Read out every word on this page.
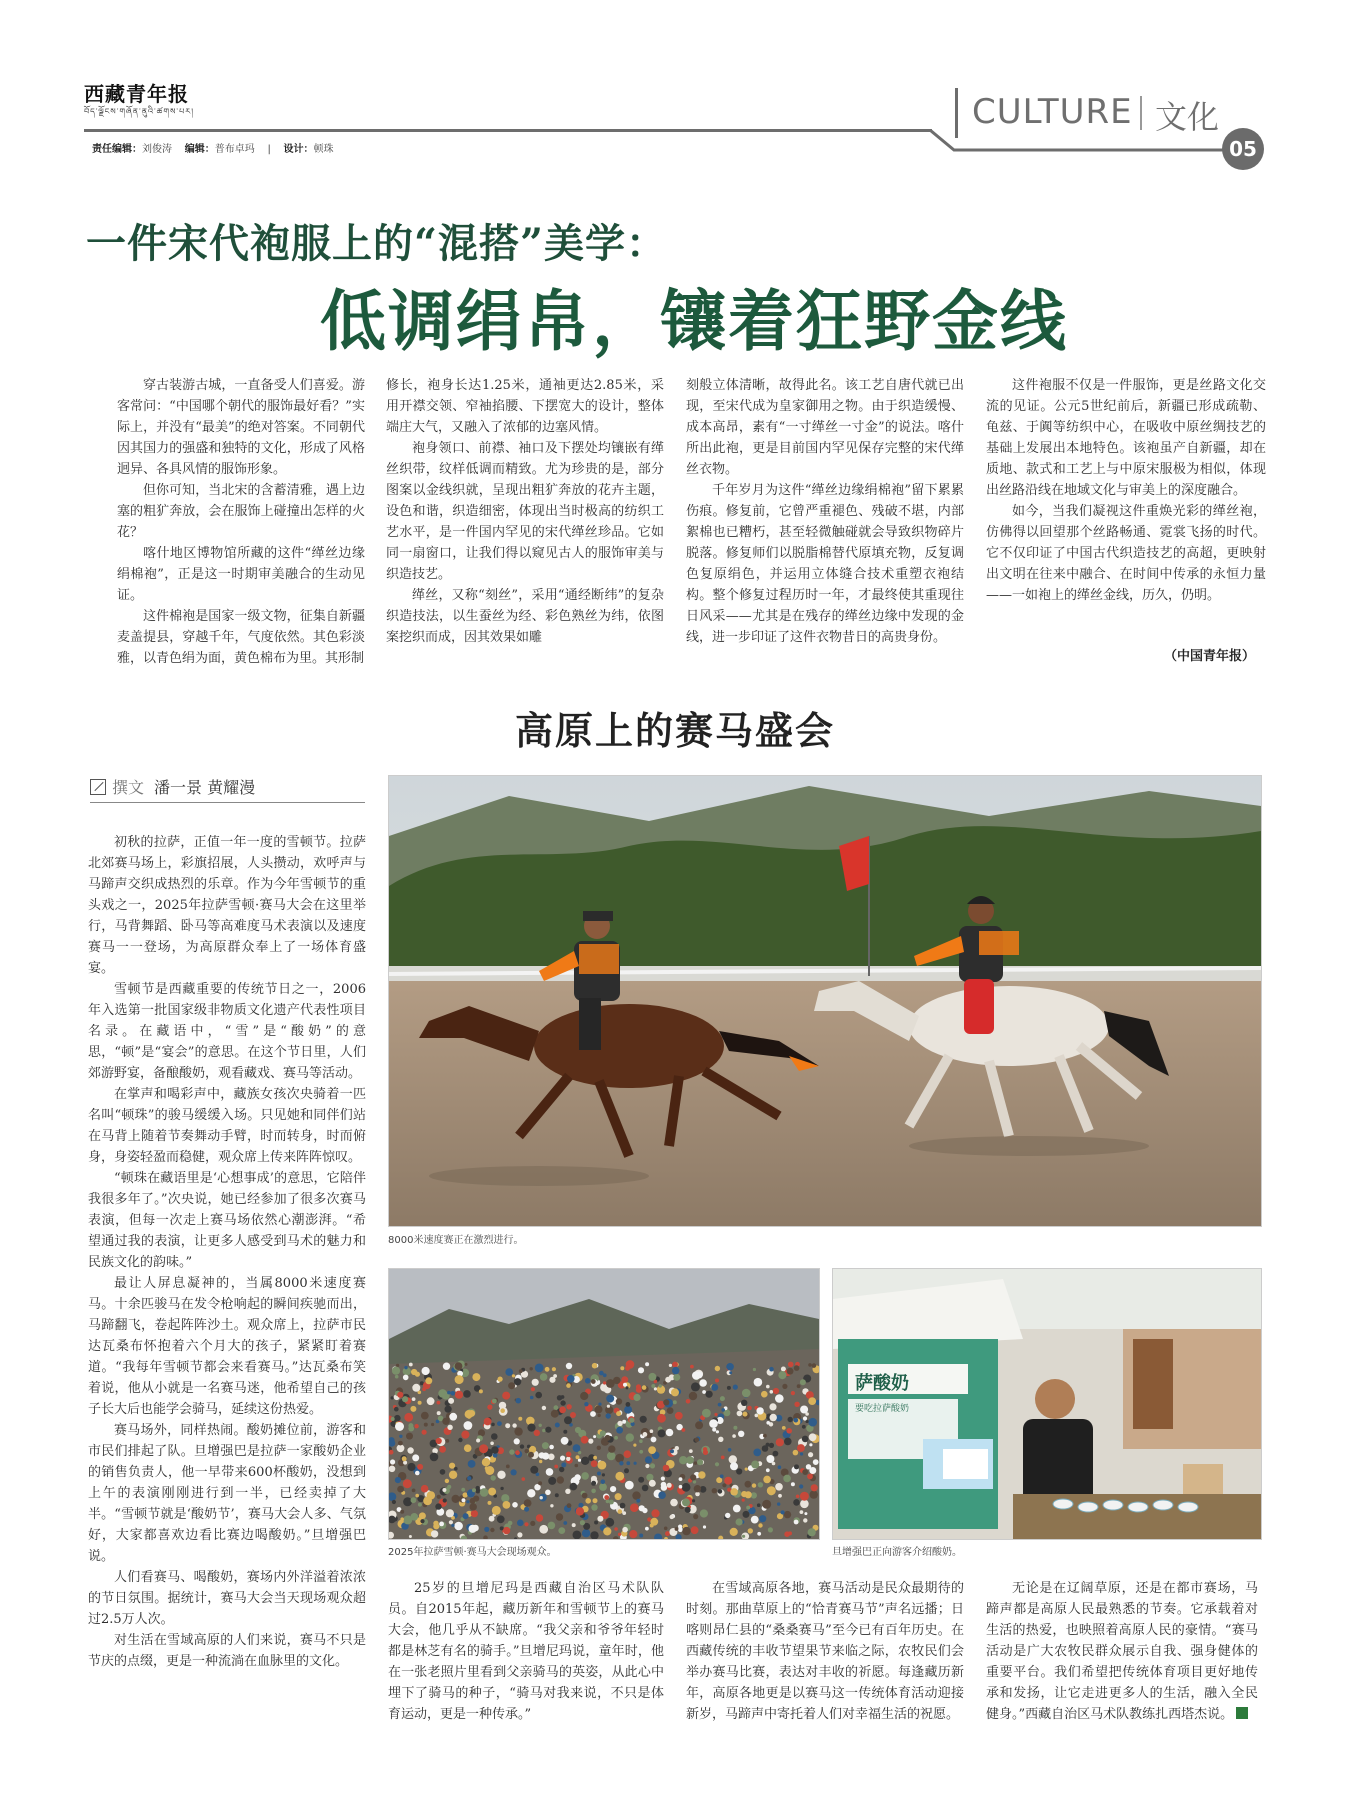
西藏青年报
བོད་ལྗོངས་གཞོན་ནུའི་ཚགས་པར།
责任编辑：刘俊涛 编辑：普布卓玛 | 设计：顿珠
CULTURE 文化
05
一件宋代袍服上的“混搭”美学：
低调绢帛，镶着狂野金线

穿古装游古城，一直备受人们喜爱。游客常问：“中国哪个朝代的服饰最好看？”实际上，并没有“最美”的绝对答案。不同朝代因其国力的强盛和独特的文化，形成了风格迥异、各具风情的服饰形象。

但你可知，当北宋的含蓄清雅，遇上边塞的粗犷奔放，会在服饰上碰撞出怎样的火花？

喀什地区博物馆所藏的这件“缂丝边缘绢棉袍”，正是这一时期审美融合的生动见证。

这件棉袍是国家一级文物，征集自新疆麦盖提县，穿越千年，气度依然。其色彩淡雅，以青色绢为面，黄色棉布为里。其形制

修长，袍身长达1.25米，通袖更达2.85米，采用开襟交领、窄袖掐腰、下摆宽大的设计，整体端庄大气，又融入了浓郁的边塞风情。

袍身领口、前襟、袖口及下摆处均镶嵌有缂丝织带，纹样低调而精致。尤为珍贵的是，部分图案以金线织就，呈现出粗犷奔放的花卉主题，设色和谐，织造细密，体现出当时极高的纺织工艺水平，是一件国内罕见的宋代缂丝珍品。它如同一扇窗口，让我们得以窥见古人的服饰审美与织造技艺。

缂丝，又称“刻丝”，采用“通经断纬”的复杂织造技法，以生蚕丝为经、彩色熟丝为纬，依图案挖织而成，因其效果如雕

刻般立体清晰，故得此名。该工艺自唐代就已出现，至宋代成为皇家御用之物。由于织造缓慢、成本高昂，素有“一寸缂丝一寸金”的说法。喀什所出此袍，更是目前国内罕见保存完整的宋代缂丝衣物。

千年岁月为这件“缂丝边缘绢棉袍”留下累累伤痕。修复前，它曾严重褪色、残破不堪，内部絮棉也已糟朽，甚至轻微触碰就会导致织物碎片脱落。修复师们以脱脂棉替代原填充物，反复调色复原绢色，并运用立体缝合技术重塑衣袍结构。整个修复过程历时一年，才最终使其重现往日风采——尤其是在残存的缂丝边缘中发现的金线，进一步印证了这件衣物昔日的高贵身份。

这件袍服不仅是一件服饰，更是丝路文化交流的见证。公元5世纪前后，新疆已形成疏勒、龟兹、于阗等纺织中心，在吸收中原丝绸技艺的基础上发展出本地特色。该袍虽产自新疆，却在质地、款式和工艺上与中原宋服极为相似，体现出丝路沿线在地域文化与审美上的深度融合。

如今，当我们凝视这件重焕光彩的缂丝袍，仿佛得以回望那个丝路畅通、霓裳飞扬的时代。它不仅印证了中国古代织造技艺的高超，更映射出文明在往来中融合、在时间中传承的永恒力量——一如袍上的缂丝金线，历久，仍明。

（中国青年报）
高原上的赛马盛会
撰文 潘一景 黄耀漫

初秋的拉萨，正值一年一度的雪顿节。拉萨北郊赛马场上，彩旗招展，人头攒动，欢呼声与马蹄声交织成热烈的乐章。作为今年雪顿节的重头戏之一，2025年拉萨雪顿·赛马大会在这里举行，马背舞蹈、卧马等高难度马术表演以及速度赛马一一登场，为高原群众奉上了一场体育盛宴。

雪顿节是西藏重要的传统节日之一，2006年入选第一批国家级非物质文化遗产代表性项目名录。在藏语中，“雪”是“酸奶”的意思，“顿”是“宴会”的意思。在这个节日里，人们郊游野宴，备酿酸奶，观看藏戏、赛马等活动。

在掌声和喝彩声中，藏族女孩次央骑着一匹名叫“顿珠”的骏马缓缓入场。只见她和同伴们站在马背上随着节奏舞动手臂，时而转身，时而俯身，身姿轻盈而稳健，观众席上传来阵阵惊叹。

“顿珠在藏语里是‘心想事成’的意思，它陪伴我很多年了。”次央说，她已经参加了很多次赛马表演，但每一次走上赛马场依然心潮澎湃。“希望通过我的表演，让更多人感受到马术的魅力和民族文化的韵味。”

最让人屏息凝神的，当属8000米速度赛马。十余匹骏马在发令枪响起的瞬间疾驰而出，马蹄翻飞，卷起阵阵沙土。观众席上，拉萨市民达瓦桑布怀抱着六个月大的孩子，紧紧盯着赛道。“我每年雪顿节都会来看赛马。”达瓦桑布笑着说，他从小就是一名赛马迷，他希望自己的孩子长大后也能学会骑马，延续这份热爱。

赛马场外，同样热闹。酸奶摊位前，游客和市民们排起了队。旦增强巴是拉萨一家酸奶企业的销售负责人，他一早带来600杯酸奶，没想到上午的表演刚刚进行到一半，已经卖掉了大半。“雪顿节就是‘酸奶节’，赛马大会人多、气氛好，大家都喜欢边看比赛边喝酸奶。”旦增强巴说。

人们看赛马、喝酸奶，赛场内外洋溢着浓浓的节日氛围。据统计，赛马大会当天现场观众超过2.5万人次。

对生活在雪域高原的人们来说，赛马不只是节庆的点缀，更是一种流淌在血脉里的文化。

8000米速度赛正在激烈进行。
2025年拉萨雪顿·赛马大会现场观众。
萨酸奶
要吃拉萨酸奶
旦增强巴正向游客介绍酸奶。

25岁的旦增尼玛是西藏自治区马术队队员。自2015年起，藏历新年和雪顿节上的赛马大会，他几乎从不缺席。“我父亲和爷爷年轻时都是林芝有名的骑手。”旦增尼玛说，童年时，他在一张老照片里看到父亲骑马的英姿，从此心中埋下了骑马的种子，“骑马对我来说，不只是体育运动，更是一种传承。”

在雪域高原各地，赛马活动是民众最期待的时刻。那曲草原上的“恰青赛马节”声名远播；日喀则昂仁县的“桑桑赛马”至今已有百年历史。在西藏传统的丰收节望果节来临之际，农牧民们会举办赛马比赛，表达对丰收的祈愿。每逢藏历新年，高原各地更是以赛马这一传统体育活动迎接新岁，马蹄声中寄托着人们对幸福生活的祝愿。

无论是在辽阔草原，还是在都市赛场，马蹄声都是高原人民最熟悉的节奏。它承载着对生活的热爱，也映照着高原人民的豪情。“赛马活动是广大农牧民群众展示自我、强身健体的重要平台。我们希望把传统体育项目更好地传承和发扬，让它走进更多人的生活，融入全民健身。”西藏自治区马术队教练扎西塔杰说。
